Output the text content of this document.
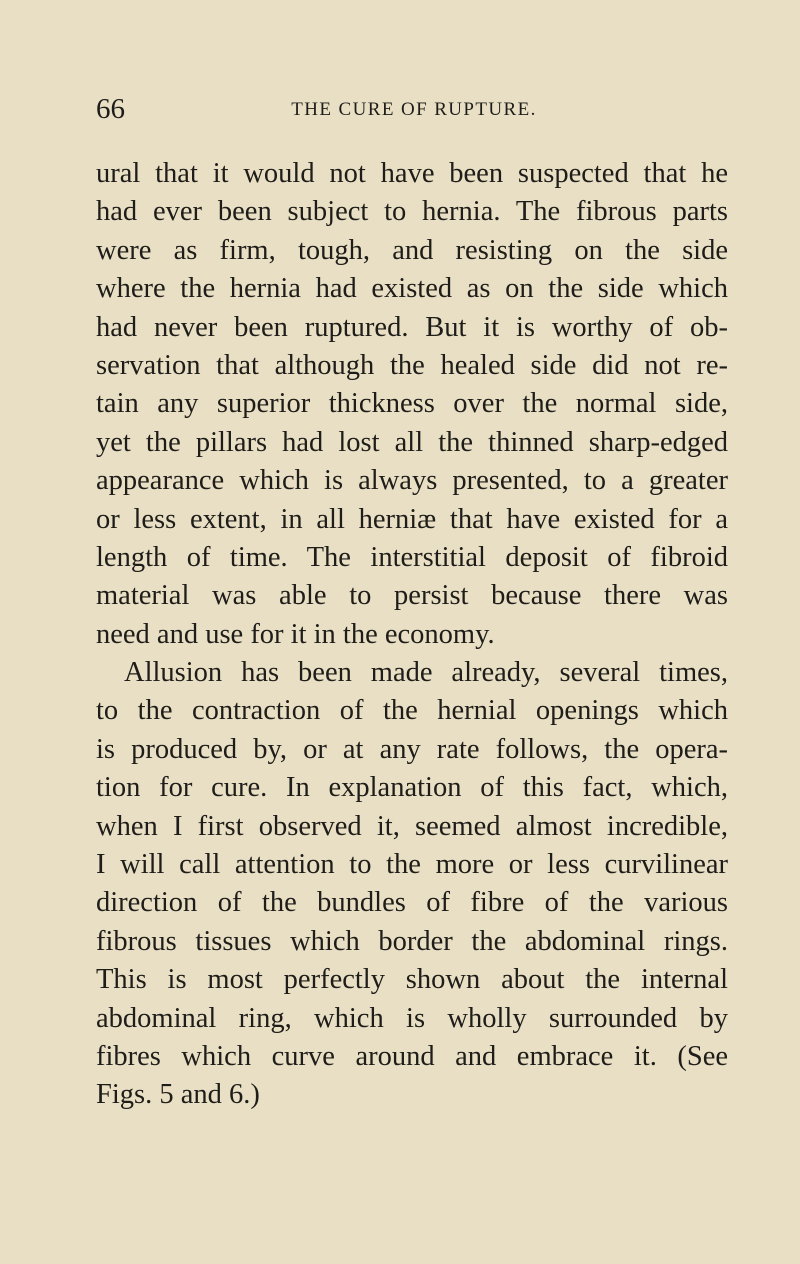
66	THE CURE OF RUPTURE.
ural that it would not have been suspected that he
had ever been subject to hernia. The fibrous parts
were as firm, tough, and resisting on the side
where the hernia had existed as on the side which
had never been ruptured. But it is worthy of ob-
servation that although the healed side did not re-
tain any superior thickness over the normal side,
yet the pillars had lost all the thinned sharp-edged
appearance which is always presented, to a greater
or less extent, in all herniæ that have existed for a
length of time. The interstitial deposit of fibroid
material was able to persist because there was
need and use for it in the economy.
Allusion has been made already, several times,
to the contraction of the hernial openings which
is produced by, or at any rate follows, the opera-
tion for cure. In explanation of this fact, which,
when I first observed it, seemed almost incredible,
I will call attention to the more or less curvilinear
direction of the bundles of fibre of the various
fibrous tissues which border the abdominal rings.
This is most perfectly shown about the internal
abdominal ring, which is wholly surrounded by
fibres which curve around and embrace it. (See
Figs. 5 and 6.)
